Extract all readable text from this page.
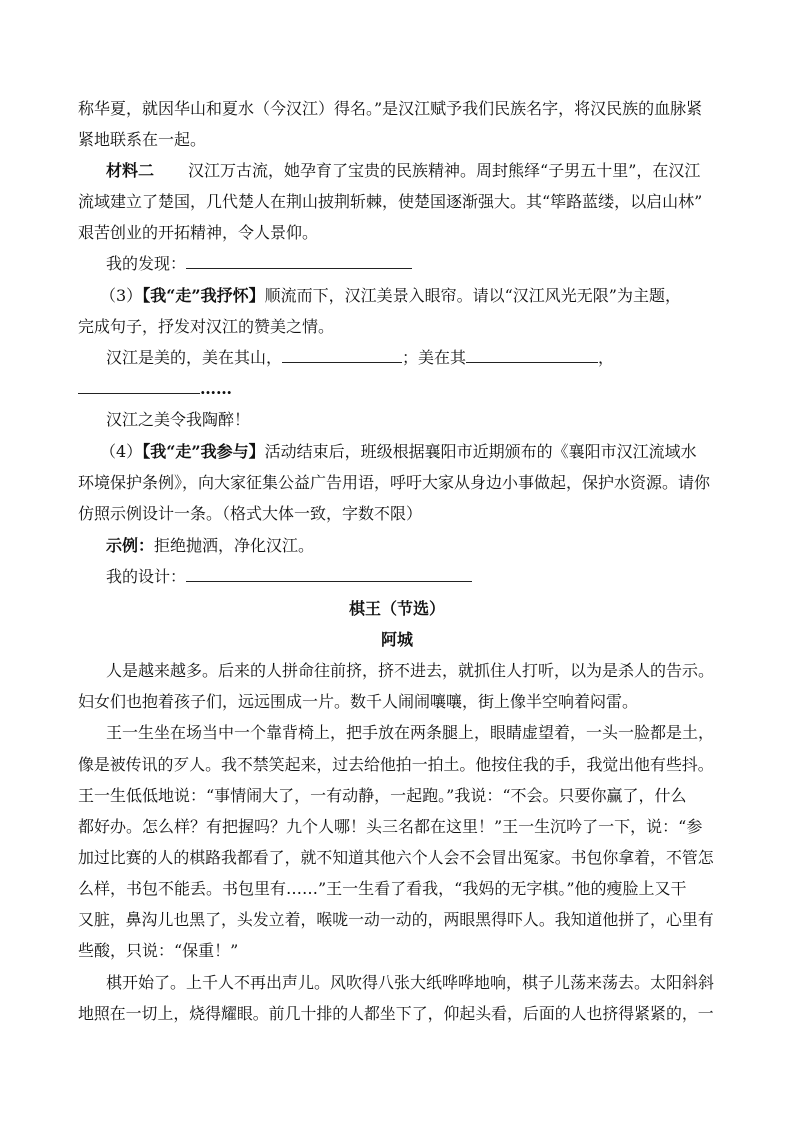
称华夏，就因华山和夏水（今汉江）得名。”是汉江赋予我们民族名字，将汉民族的血脉紧
紧地联系在一起。
材料二 汉江万古流，她孕育了宝贵的民族精神。周封熊绎“子男五十里”，在汉江
流域建立了楚国，几代楚人在荆山披荆斩棘，使楚国逐渐强大。其“筚路蓝缕，以启山林”
艰苦创业的开拓精神，令人景仰。
我的发现：
（3）【我“走”我抒怀】顺流而下，汉江美景入眼帘。请以“汉江风光无限”为主题，
完成句子，抒发对汉江的赞美之情。
汉江是美的，美在其山，	；美在其	，
……
汉江之美令我陶醉！
（4）【我“走”我参与】活动结束后，班级根据襄阳市近期颁布的《襄阳市汉江流域水
环境保护条例》，向大家征集公益广告用语，呼吁大家从身边小事做起，保护水资源。请你
仿照示例设计一条。（格式大体一致，字数不限）
示例：拒绝抛洒，净化汉江。
我的设计：
棋王（节选）
阿城
人是越来越多。后来的人拼命往前挤，挤不进去，就抓住人打听，以为是杀人的告示。
妇女们也抱着孩子们，远远围成一片。数千人闹闹嚷嚷，街上像半空响着闷雷。
王一生坐在场当中一个靠背椅上，把手放在两条腿上，眼睛虚望着，一头一脸都是土，
像是被传讯的歹人。我不禁笑起来，过去给他拍一拍土。他按住我的手，我觉出他有些抖。
王一生低低地说：“事情闹大了，一有动静，一起跑。”我说：“不会。只要你赢了，什么
都好办。怎么样？有把握吗？九个人哪！头三名都在这里！”王一生沉吟了一下，说：“参
加过比赛的人的棋路我都看了，就不知道其他六个人会不会冒出冤家。书包你拿着，不管怎
么样，书包不能丢。书包里有……”王一生看了看我，“我妈的无字棋。”他的瘦脸上又干
又脏，鼻沟儿也黑了，头发立着，喉咙一动一动的，两眼黑得吓人。我知道他拼了，心里有
些酸，只说：“保重！”
棋开始了。上千人不再出声儿。风吹得八张大纸哗哗地响，棋子儿荡来荡去。太阳斜斜
地照在一切上，烧得耀眼。前几十排的人都坐下了，仰起头看，后面的人也挤得紧紧的，一
